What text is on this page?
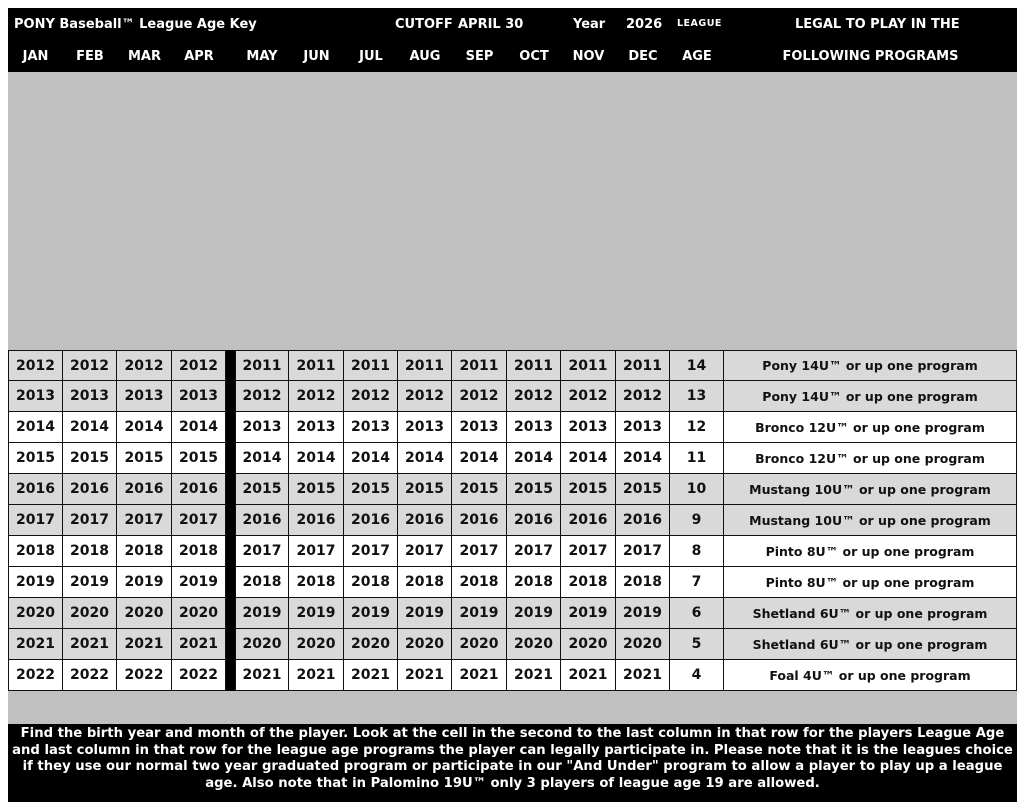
PONY Baseball™ League Age Key	CUTOFF APRIL 30	Year 2026 LEAGUE	LEGAL TO PLAY IN THE
JAN	FEB	MAR	APR	MAY	JUN	JUL	AUG	SEP	OCT	NOV	DEC	AGE	FOLLOWING PROGRAMS
2012	2012	2012	2012	2011	2011	2011	2011	2011	2011	2011	2011	14	Pony 14U™ or up one program
2013	2013	2013	2013	2012	2012	2012	2012	2012	2012	2012	2012	13	Pony 14U™ or up one program
2014	2014	2014	2014	2013	2013	2013	2013	2013	2013	2013	2013	12	Bronco 12U™ or up one program
2015	2015	2015	2015	2014	2014	2014	2014	2014	2014	2014	2014	11	Bronco 12U™ or up one program
2016	2016	2016	2016	2015	2015	2015	2015	2015	2015	2015	2015	10	Mustang 10U™ or up one program
2017	2017	2017	2017	2016	2016	2016	2016	2016	2016	2016	2016	9	Mustang 10U™ or up one program
2018	2018	2018	2018	2017	2017	2017	2017	2017	2017	2017	2017	8	Pinto 8U™ or up one program
2019	2019	2019	2019	2018	2018	2018	2018	2018	2018	2018	2018	7	Pinto 8U™ or up one program
2020	2020	2020	2020	2019	2019	2019	2019	2019	2019	2019	2019	6	Shetland 6U™ or up one program
2021	2021	2021	2021	2020	2020	2020	2020	2020	2020	2020	2020	5	Shetland 6U™ or up one program
2022	2022	2022	2022	2021	2021	2021	2021	2021	2021	2021	2021	4	Foal 4U™ or up one program
Find the birth year and month of the player. Look at the cell in the second to the last column in that row for the players League Age and last column in that row for the league age programs the player can legally participate in. Please note that it is the leagues choice if they use our normal two year graduated program or participate in our "And Under" program to allow a player to play up a league age. Also note that in Palomino 19U™ only 3 players of league age 19 are allowed.
